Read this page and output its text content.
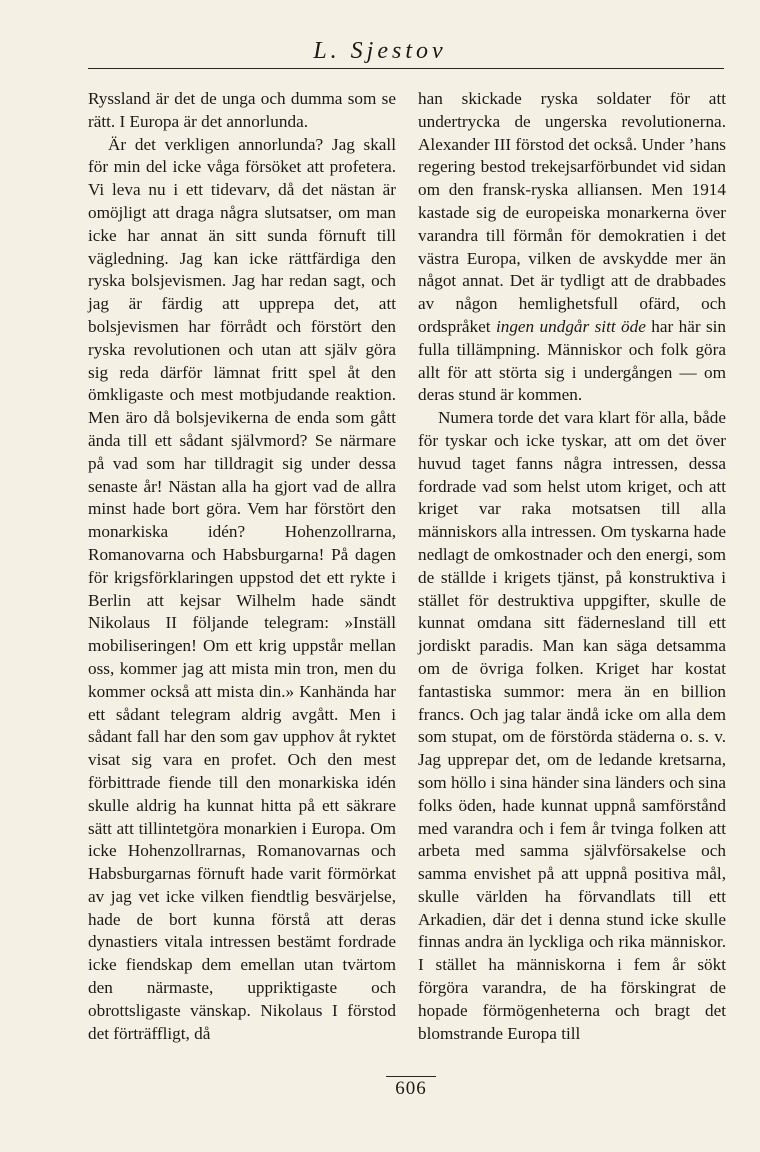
L. Sjestov

Ryssland är det de unga och dumma som se rätt. I Europa är det annorlunda.

Är det verkligen annorlunda? Jag skall för min del icke våga försöket att profetera. Vi leva nu i ett tidevarv, då det nästan är omöjligt att draga några slutsatser, om man icke har annat än sitt sunda förnuft till vägledning. Jag kan icke rättfärdiga den ryska bolsjevismen. Jag har redan sagt, och jag är färdig att upprepa det, att bolsjevismen har förrådt och förstört den ryska revolutionen och utan att själv göra sig reda därför lämnat fritt spel åt den ömkligaste och mest motbjudande reaktion. Men äro då bolsjevikerna de enda som gått ända till ett sådant självmord? Se närmare på vad som har tilldragit sig under dessa senaste år! Nästan alla ha gjort vad de allra minst hade bort göra. Vem har förstört den monarkiska idén? Hohenzollrarna, Romanovarna och Habsburgarna! På dagen för krigsförklaringen uppstod det ett rykte i Berlin att kejsar Wilhelm hade sändt Nikolaus II följande telegram: »Inställ mobiliseringen! Om ett krig uppstår mellan oss, kommer jag att mista min tron, men du kommer också att mista din.» Kanhända har ett sådant telegram aldrig avgått. Men i sådant fall har den som gav upphov åt ryktet visat sig vara en profet. Och den mest förbittrade fiende till den monarkiska idén skulle aldrig ha kunnat hitta på ett säkrare sätt att tillintetgöra monarkien i Europa. Om icke Hohenzollrarnas, Romanovarnas och Habsburgarnas förnuft hade varit förmörkat av jag vet icke vilken fiendtlig besvärjelse, hade de bort kunna förstå att deras dynastiers vitala intressen bestämt fordrade icke fiendskap dem emellan utan tvärtom den närmaste, uppriktigaste och obrottsligaste vänskap. Nikolaus I förstod det förträffligt, då

han skickade ryska soldater för att undertrycka de ungerska revolutionerna. Alexander III förstod det också. Under ’hans regering bestod trekejsarförbundet vid sidan om den fransk-ryska alliansen. Men 1914 kastade sig de europeiska monarkerna över varandra till förmån för demokratien i det västra Europa, vilken de avskydde mer än något annat. Det är tydligt att de drabbades av någon hemlighetsfull ofärd, och ordspråket ingen undgår sitt öde har här sin fulla tillämpning. Människor och folk göra allt för att störta sig i undergången — om deras stund är kommen.

Numera torde det vara klart för alla, både för tyskar och icke tyskar, att om det över huvud taget fanns några intressen, dessa fordrade vad som helst utom kriget, och att kriget var raka motsatsen till alla människors alla intressen. Om tyskarna hade nedlagt de omkostnader och den energi, som de ställde i krigets tjänst, på konstruktiva i stället för destruktiva uppgifter, skulle de kunnat omdana sitt fädernesland till ett jordiskt paradis. Man kan säga detsamma om de övriga folken. Kriget har kostat fantastiska summor: mera än en billion francs. Och jag talar ändå icke om alla dem som stupat, om de förstörda städerna o. s. v. Jag upprepar det, om de ledande kretsarna, som höllo i sina händer sina länders och sina folks öden, hade kunnat uppnå samförstånd med varandra och i fem år tvinga folken att arbeta med samma självförsakelse och samma envishet på att uppnå positiva mål, skulle världen ha förvandlats till ett Arkadien, där det i denna stund icke skulle finnas andra än lyckliga och rika människor. I stället ha människorna i fem år sökt förgöra varandra, de ha förskingrat de hopade förmögenheterna och bragt det blomstrande Europa till

606
